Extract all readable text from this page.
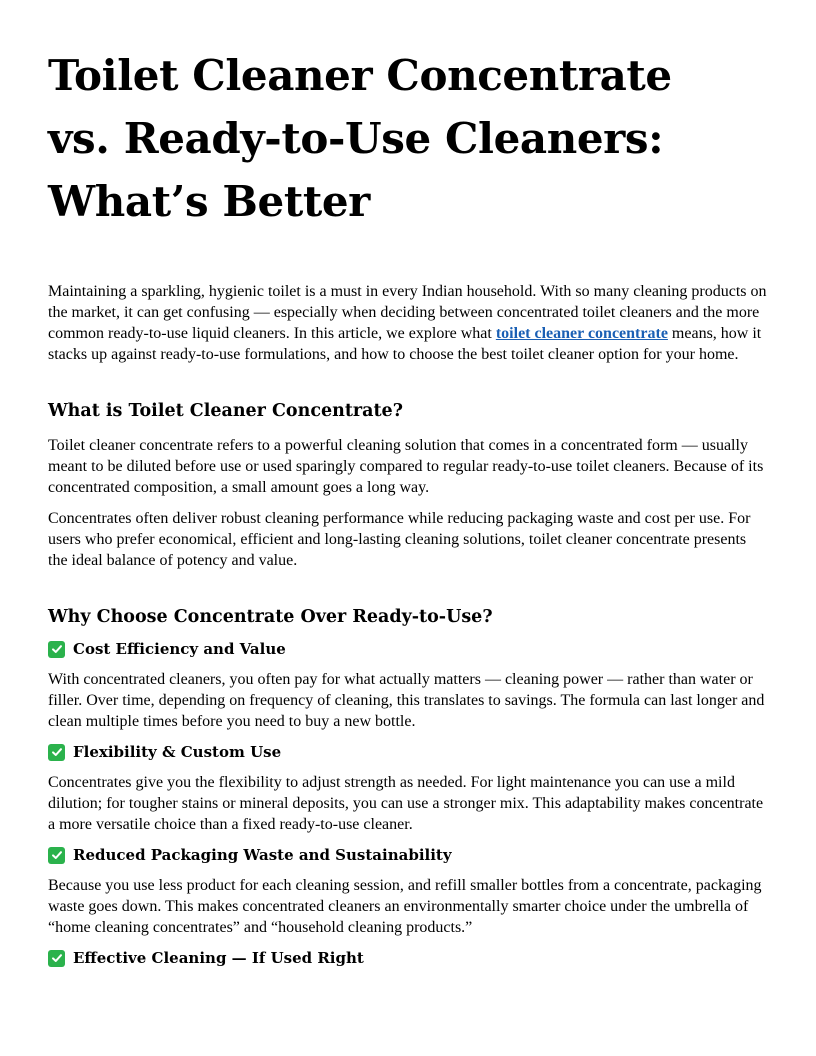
Toilet Cleaner Concentrate
vs. Ready-to-Use Cleaners:
What’s Better

Maintaining a sparkling, hygienic toilet is a must in every Indian household. With so many cleaning products on the market, it can get confusing — especially when deciding between concentrated toilet cleaners and the more common ready-to-use liquid cleaners. In this article, we explore what toilet cleaner concentrate means, how it stacks up against ready-to-use formulations, and how to choose the best toilet cleaner option for your home.

What is Toilet Cleaner Concentrate?

Toilet cleaner concentrate refers to a powerful cleaning solution that comes in a concentrated form — usually meant to be diluted before use or used sparingly compared to regular ready-to-use toilet cleaners. Because of its concentrated composition, a small amount goes a long way.

Concentrates often deliver robust cleaning performance while reducing packaging waste and cost per use. For users who prefer economical, efficient and long-lasting cleaning solutions, toilet cleaner concentrate presents the ideal balance of potency and value.

Why Choose Concentrate Over Ready-to-Use?
Cost Efficiency and Value

With concentrated cleaners, you often pay for what actually matters — cleaning power — rather than water or filler. Over time, depending on frequency of cleaning, this translates to savings. The formula can last longer and clean multiple times before you need to buy a new bottle.

Flexibility & Custom Use

Concentrates give you the flexibility to adjust strength as needed. For light maintenance you can use a mild dilution; for tougher stains or mineral deposits, you can use a stronger mix. This adaptability makes concentrate a more versatile choice than a fixed ready-to-use cleaner.

Reduced Packaging Waste and Sustainability

Because you use less product for each cleaning session, and refill smaller bottles from a concentrate, packaging waste goes down. This makes concentrated cleaners an environmentally smarter choice under the umbrella of “home cleaning concentrates” and “household cleaning products.”

Effective Cleaning — If Used Right
